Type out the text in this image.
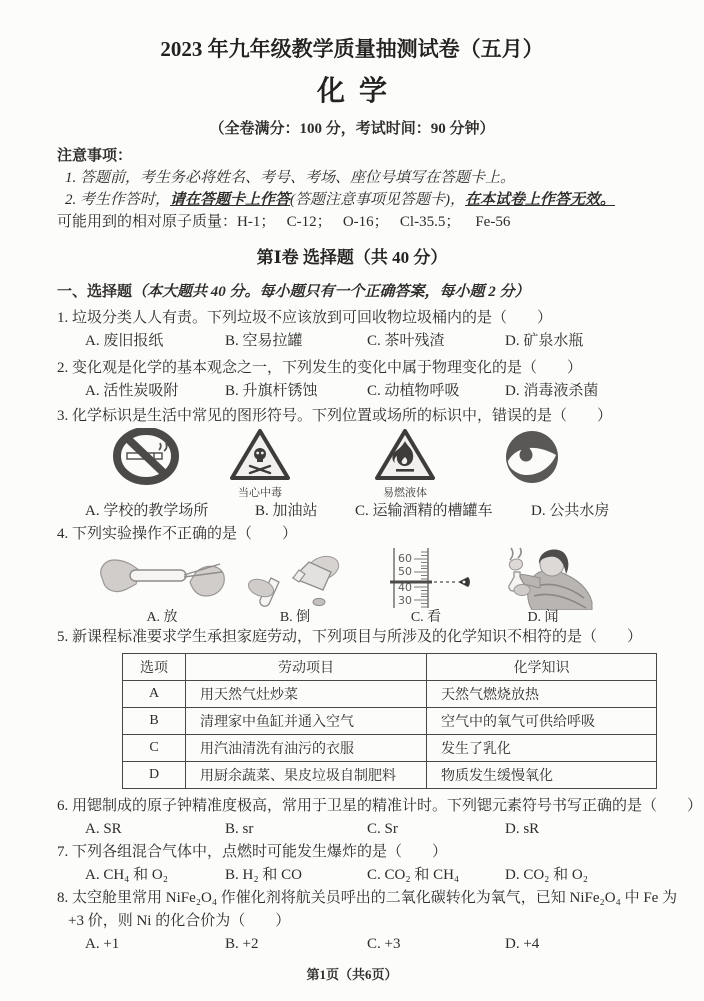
2023 年九年级教学质量抽测试卷（五月）
化  学
（全卷满分：100 分，考试时间：90 分钟）
注意事项：
1. 答题前，考生务必将姓名、考号、考场、座位号填写在答题卡上。
2. 考生作答时，请在答题卡上作答(答题注意事项见答题卡)，在本试卷上作答无效。
可能用到的相对原子质量：H-1；   C-12；   O-16；   Cl-35.5；    Fe-56
第Ⅰ卷 选择题（共 40 分）
一、选择题（本大题共 40 分。每小题只有一个正确答案，每小题 2 分）
1. 垃圾分类人人有责。下列垃圾不应该放到可回收物垃圾桶内的是（        ）
A. 废旧报纸	B. 空易拉罐	C. 茶叶残渣	D. 矿泉水瓶
2. 变化观是化学的基本观念之一，下列发生的变化中属于物理变化的是（        ）
A. 活性炭吸附	B. 升旗杆锈蚀	C. 动植物呼吸	D. 消毒液杀菌
3. 化学标识是生活中常见的图形符号。下列位置或场所的标识中，错误的是（        ）
当心中毒	易燃液体
A. 学校的教学场所	B. 加油站	C. 运输酒精的槽罐车	D. 公共水房
4. 下列实验操作不正确的是（        ）
A. 放	B. 倒
60
50
40
30
C. 看	D. 闻
5. 新课程标准要求学生承担家庭劳动，下列项目与所涉及的化学知识不相符的是（        ）
选项	劳动项目	化学知识
A	用天然气灶炒菜	天然气燃烧放热
B	清理家中鱼缸并通入空气	空气中的氧气可供给呼吸
C	用汽油清洗有油污的衣服	发生了乳化
D	用厨余蔬菜、果皮垃圾自制肥料	物质发生缓慢氧化
6. 用锶制成的原子钟精准度极高，常用于卫星的精准计时。下列锶元素符号书写正确的是（        ）
A. SR	B. sr	C. Sr	D. sR
7. 下列各组混合气体中，点燃时可能发生爆炸的是（        ）
A. CH₄ 和 O₂	B. H₂ 和 CO	C. CO₂ 和 CH₄	D. CO₂ 和 O₂
8. 太空舱里常用 NiFe₂O₄ 作催化剂将航关员呼出的二氧化碳转化为氧气，已知 NiFe₂O₄ 中 Fe 为
+3 价，则 Ni 的化合价为（        ）
A. +1	B. +2	C. +3	D. +4
第1页（共6页）
